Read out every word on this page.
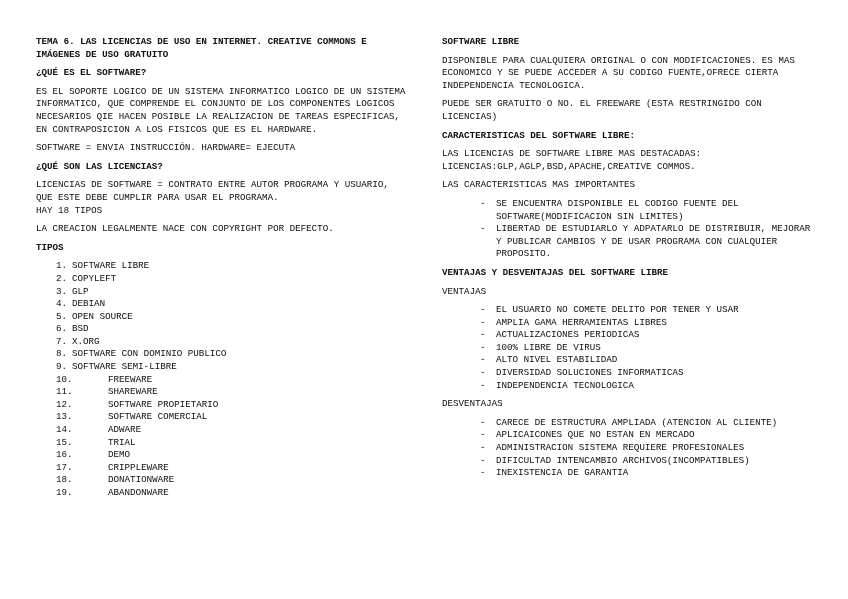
TEMA 6. LAS LICENCIAS DE USO EN INTERNET. CREATIVE COMMONS E IMÁGENES DE USO GRATUITO
¿QUÉ ES EL SOFTWARE?
ES EL SOPORTE LOGICO DE UN SISTEMA INFORMATICO LOGICO DE UN SISTEMA INFORMATICO, QUE COMPRENDE EL CONJUNTO DE LOS COMPONENTES LOGICOS NECESARIOS QIE HACEN POSIBLE LA REALIZACION DE TAREAS ESPECIFICAS, EN CONTRAPOSICION A LOS FISICOS QUE ES EL HARDWARE.
SOFTWARE = ENVIA INSTRUCCIÓN. HARDWARE= EJECUTA
¿QUÉ SON LAS LICENCIAS?
LICENCIAS DE SOFTWARE = CONTRATO ENTRE AUTOR PROGRAMA Y USUARIO, QUE ESTE DEBE CUMPLIR PARA USAR EL PROGRAMA.
HAY 18 TIPOS
LA CREACION LEGALMENTE NACE CON COPYRIGHT POR DEFECTO.
TIPOS
1. SOFTWARE LIBRE
2. COPYLEFT
3. GLP
4. DEBIAN
5. OPEN SOURCE
6. BSD
7. X.ORG
8. SOFTWARE CON DOMINIO PUBLICO
9. SOFTWARE SEMI-LIBRE
10.	FREEWARE
11.	SHAREWARE
12.	SOFTWARE PROPIETARIO
13.	SOFTWARE COMERCIAL
14.	ADWARE
15.	TRIAL
16.	DEMO
17.	CRIPPLEWARE
18.	DONATIONWARE
19.	ABANDONWARE
SOFTWARE LIBRE
DISPONIBLE PARA CUALQUIERA ORIGINAL O CON MODIFICACIONES. ES MAS ECONOMICO Y SE PUEDE ACCEDER A SU CODIGO FUENTE,OFRECE CIERTA INDEPENDENCIA TECNOLOGICA.
PUEDE SER GRATUITO O NO. EL FREEWARE (ESTA RESTRINGIDO CON LICENCIAS)
CARACTERISTICAS DEL SOFTWARE LIBRE:
LAS LICENCIAS DE SOFTWARE LIBRE MAS DESTACADAS: LICENCIAS:GLP,AGLP,BSD,APACHE,CREATIVE COMMOS.
LAS CARACTERISTICAS MAS IMPORTANTES
- SE ENCUENTRA DISPONIBLE EL CODIGO FUENTE DEL SOFTWARE(MODIFICACION SIN LIMITES)
- LIBERTAD DE ESTUDIARLO Y ADPATARLO DE DISTRIBUIR, MEJORAR Y PUBLICAR CAMBIOS Y DE USAR PROGRAMA CON CUALQUIER PROPOSITO.
VENTAJAS Y DESVENTAJAS DEL SOFTWARE LIBRE
VENTAJAS
- EL USUARIO NO COMETE DELITO POR TENER Y USAR
- AMPLIA GAMA HERRAMIENTAS LIBRES
- ACTUALIZACIONES PERIODICAS
- 100% LIBRE DE VIRUS
- ALTO NIVEL ESTABILIDAD
- DIVERSIDAD SOLUCIONES INFORMATICAS
- INDEPENDENCIA TECNOLOGICA
DESVENTAJAS
- CARECE DE ESTRUCTURA AMPLIADA (ATENCION AL CLIENTE)
- APLICAICONES QUE NO ESTAN EN MERCADO
- ADMINISTRACION SISTEMA REQUIERE PROFESIONALES
- DIFICULTAD INTENCAMBIO ARCHIVOS(INCOMPATIBLES)
- INEXISTENCIA DE GARANTIA
